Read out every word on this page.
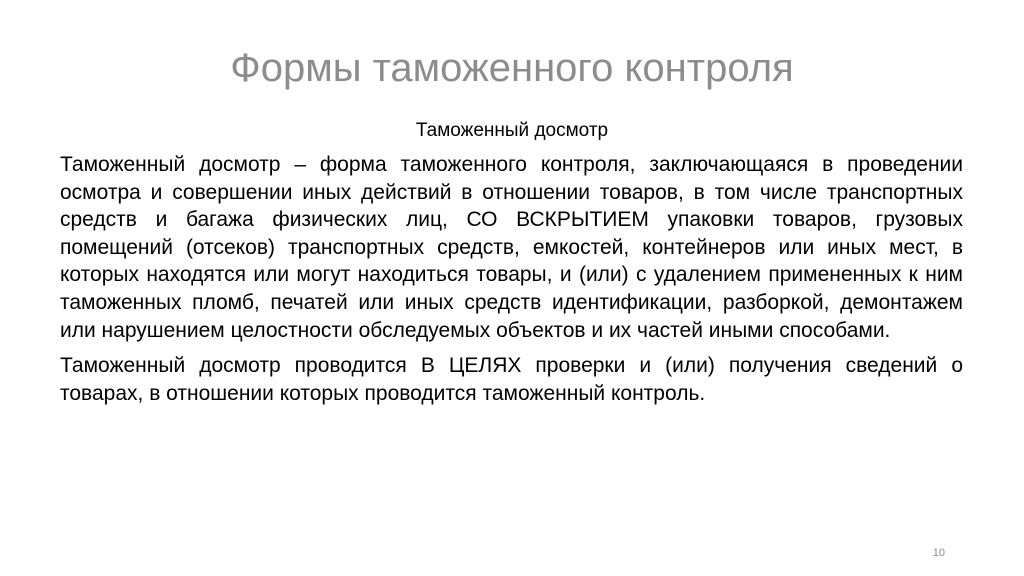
Формы таможенного контроля
Таможенный досмотр

Таможенный досмотр – форма таможенного контроля, заключающаяся в проведении осмотра и совершении иных действий в отношении товаров, в том числе транспортных средств и багажа физических лиц, СО ВСКРЫТИЕМ упаковки товаров, грузовых помещений (отсеков) транспортных средств, емкостей, контейнеров или иных мест, в которых находятся или могут находиться товары, и (или) с удалением примененных к ним таможенных пломб, печатей или иных средств идентификации, разборкой, демонтажем или нарушением целостности обследуемых объектов и их частей иными способами.

Таможенный досмотр проводится В ЦЕЛЯХ проверки и (или) получения сведений о товарах, в отношении которых проводится таможенный контроль.

10
